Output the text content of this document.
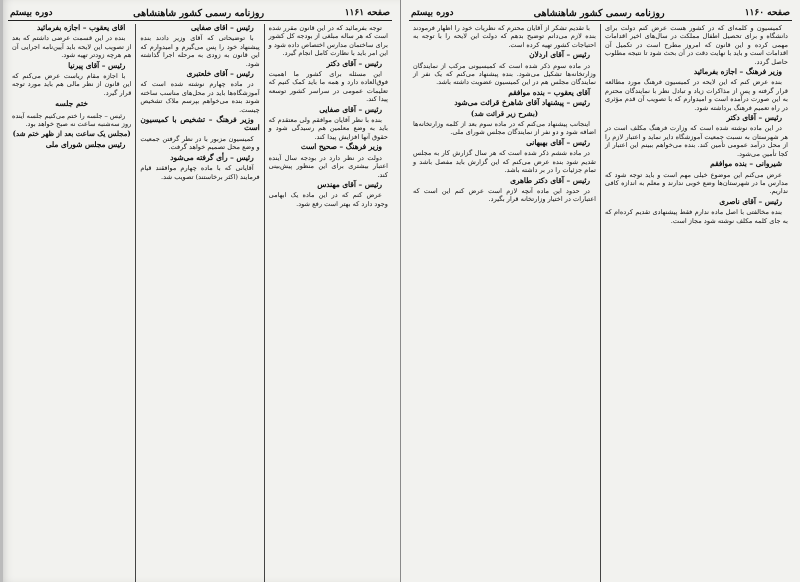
صفحه ۱۱۶۰
روزنامه رسمی کشور شاهنشاهی
دوره بیستم

کمیسیون و کلمه‌ای که در کشور هست عرض کنم دولت برای دانشگاه و برای تحصیل اطفال مملکت در سال‌های اخیر اقدامات مهمی کرده و این قانون که امروز مطرح است در تکمیل آن اقدامات است و باید با نهایت دقت در آن بحث شود تا نتیجه مطلوب حاصل گردد.

وزیر فرهنگ – اجازه بفرمائید

بنده عرض کنم که این لایحه در کمیسیون فرهنگ مورد مطالعه قرار گرفته و پس از مذاکرات زیاد و تبادل نظر با نمایندگان محترم به این صورت درآمده است و امیدوارم که با تصویب آن قدم مؤثری در راه تعمیم فرهنگ برداشته شود.

رئیس – آقای دکتر

در این ماده نوشته شده است که وزارت فرهنگ مکلف است در هر شهرستان به نسبت جمعیت آموزشگاه دایر نماید و اعتبار لازم را از محل درآمد عمومی تأمین کند. بنده می‌خواهم ببینم این اعتبار از کجا تأمین می‌شود.

شیروانی – بنده موافقم

عرض می‌کنم این موضوع خیلی مهم است و باید توجه شود که مدارس ما در شهرستان‌ها وضع خوبی ندارند و معلم به اندازه کافی نداریم.

رئیس – آقای ناصری

بنده مخالفتی با اصل ماده ندارم فقط پیشنهادی تقدیم کرده‌ام که به جای کلمه مکلف نوشته شود مجاز است.

با تقدیم تشکر از آقایان محترم که نظریات خود را اظهار فرمودند بنده لازم می‌دانم توضیح بدهم که دولت این لایحه را با توجه به احتیاجات کشور تهیه کرده است.

رئیس – آقای اردلان

در ماده سوم ذکر شده است که کمیسیونی مرکب از نمایندگان وزارتخانه‌ها تشکیل می‌شود. بنده پیشنهاد می‌کنم که یک نفر از نمایندگان مجلس هم در این کمیسیون عضویت داشته باشد.

آقای یعقوب – بنده موافقم

رئیس – پیشنهاد آقای شاهرخ قرائت می‌شود

(بشرح زیر قرائت شد)

اینجانب پیشنهاد می‌کنم که در ماده سوم بعد از کلمه وزارتخانه‌ها اضافه شود و دو نفر از نمایندگان مجلس شورای ملی.

رئیس – آقای بهبهانی

در ماده ششم ذکر شده است که هر سال گزارش کار به مجلس تقدیم شود بنده عرض می‌کنم که این گزارش باید مفصل باشد و تمام جزئیات را در بر داشته باشد.

رئیس – آقای دکتر طاهری

در حدود این ماده آنچه لازم است عرض کنم این است که اعتبارات در اختیار وزارتخانه قرار بگیرد.

صفحه ۱۱۶۱
روزنامه رسمی کشور شاهنشاهی
دوره بیستم

توجه بفرمائید که در این قانون مقرر شده است که هر ساله مبلغی از بودجه کل کشور برای ساختمان مدارس اختصاص داده شود و این امر باید با نظارت کامل انجام گیرد.

رئیس – آقای دکتر

این مسئله برای کشور ما اهمیت فوق‌العاده دارد و همه ما باید کمک کنیم که تعلیمات عمومی در سراسر کشور توسعه پیدا کند.

رئیس – آقای صفایی

بنده با نظر آقایان موافقم ولی معتقدم که باید به وضع معلمین هم رسیدگی شود و حقوق آنها افزایش پیدا کند.

وزیر فرهنگ – صحیح است

دولت در نظر دارد در بودجه سال آینده اعتبار بیشتری برای این منظور پیش‌بینی کند.

رئیس – آقای مهندس

عرض کنم که در این ماده یک ابهامی وجود دارد که بهتر است رفع شود.

رئیس – آقای صفایی

با توضیحاتی که آقای وزیر دادند بنده پیشنهاد خود را پس می‌گیرم و امیدوارم که این قانون به زودی به مرحله اجرا گذاشته شود.

رئیس – آقای خلعتبری

در ماده چهارم نوشته شده است که آموزشگاه‌ها باید در محل‌های مناسب ساخته شوند بنده می‌خواهم بپرسم ملاک تشخیص چیست.

وزیر فرهنگ – تشخیص با کمیسیون است

کمیسیون مزبور با در نظر گرفتن جمعیت و وضع محل تصمیم خواهد گرفت.

رئیس – رأی گرفته می‌شود

آقایانی که با ماده چهارم موافقند قیام فرمایند (اکثر برخاستند) تصویب شد.

آقای یعقوب – اجازه بفرمائید

بنده در این قسمت عرضی داشتم که بعد از تصویب این لایحه باید آیین‌نامه اجرایی آن هم هرچه زودتر تهیه شود.

رئیس – آقای پیرنیا

با اجازه مقام ریاست عرض می‌کنم که این قانون از نظر مالی هم باید مورد توجه قرار گیرد.

ختم جلسه

رئیس – جلسه را ختم می‌کنیم جلسه آینده روز سه‌شنبه ساعت نه صبح خواهد بود.

(مجلس یک ساعت بعد از ظهر ختم شد)

رئیس مجلس شورای ملی
